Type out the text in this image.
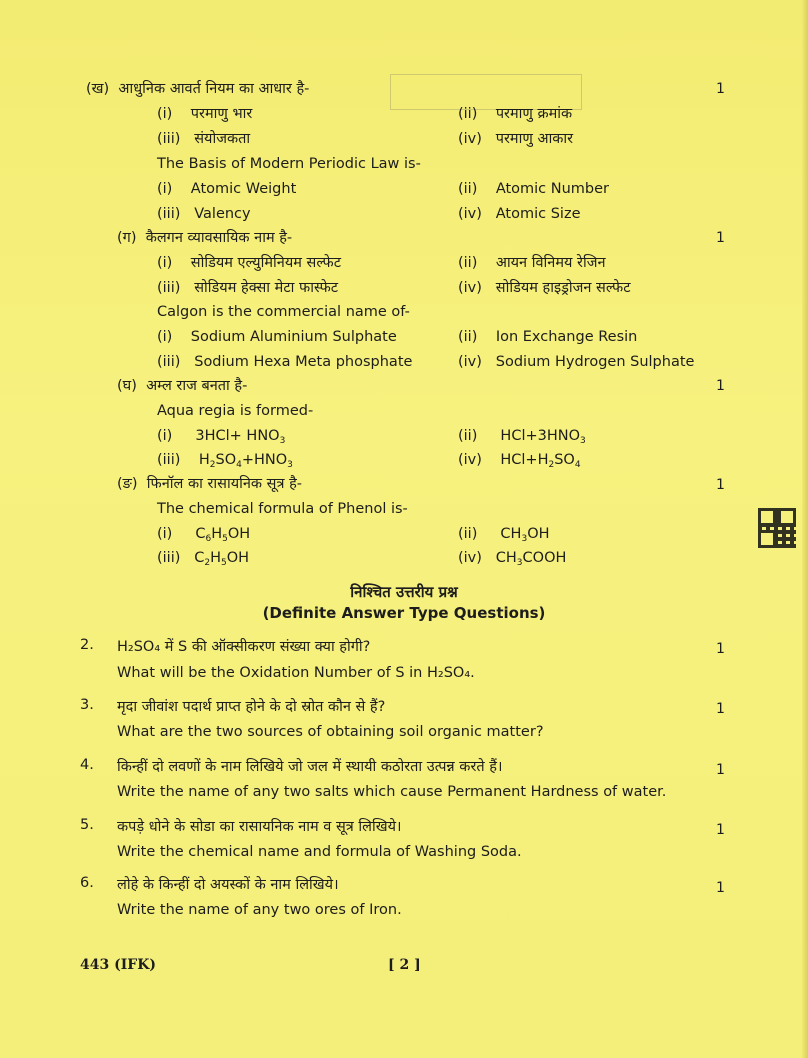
(ख) आधुनिक आवर्त नियम का आधार है-	1
(i) परमाणु भार	(ii) परमाणु क्रमांक
(iii) संयोजकता	(iv) परमाणु आकार
The Basis of Modern Periodic Law is-
(i) Atomic Weight	(ii) Atomic Number
(iii) Valency	(iv) Atomic Size
(ग) कैलगन व्यावसायिक नाम है-	1
(i) सोडियम एल्युमिनियम सल्फेट	(ii) आयन विनिमय रेजिन
(iii) सोडियम हेक्सा मेटा फास्फेट	(iv) सोडियम हाइड्रोजन सल्फेट
Calgon is the commercial name of-
(i) Sodium Aluminium Sulphate	(ii) Ion Exchange Resin
(iii) Sodium Hexa Meta phosphate	(iv) Sodium Hydrogen Sulphate
(घ) अम्ल राज बनता है-	1
Aqua regia is formed-
(i) $3HCl+ HNO_3$	(ii) $HCl+3HNO_3$
(iii) $H_2SO_4+HNO_3$	(iv) $HCl+H_2SO_4$
(ङ) फिनॉल का रासायनिक सूत्र है-	1
The chemical formula of Phenol is-
(i) $C_6H_5OH$	(ii) $CH_3OH$
(iii) $C_2H_5OH$	(iv) $CH_3COOH$
निश्चित उत्तरीय प्रश्न
(Definite Answer Type Questions)
2. H₂SO₄ में S की ऑक्सीकरण संख्या क्या होगी?	1
What will be the Oxidation Number of S in H₂SO₄.
3. मृदा जीवांश पदार्थ प्राप्त होने के दो स्रोत कौन से हैं?	1
What are the two sources of obtaining soil organic matter?
4. किन्हीं दो लवणों के नाम लिखिये जो जल में स्थायी कठोरता उत्पन्न करते हैं।	1
Write the name of any two salts which cause Permanent Hardness of water.
5. कपड़े धोने के सोडा का रासायनिक नाम व सूत्र लिखिये।	1
Write the chemical name and formula of Washing Soda.
6. लोहे के किन्हीं दो अयस्कों के नाम लिखिये।	1
Write the name of any two ores of Iron.
443 (IFK)	[ 2 ]
